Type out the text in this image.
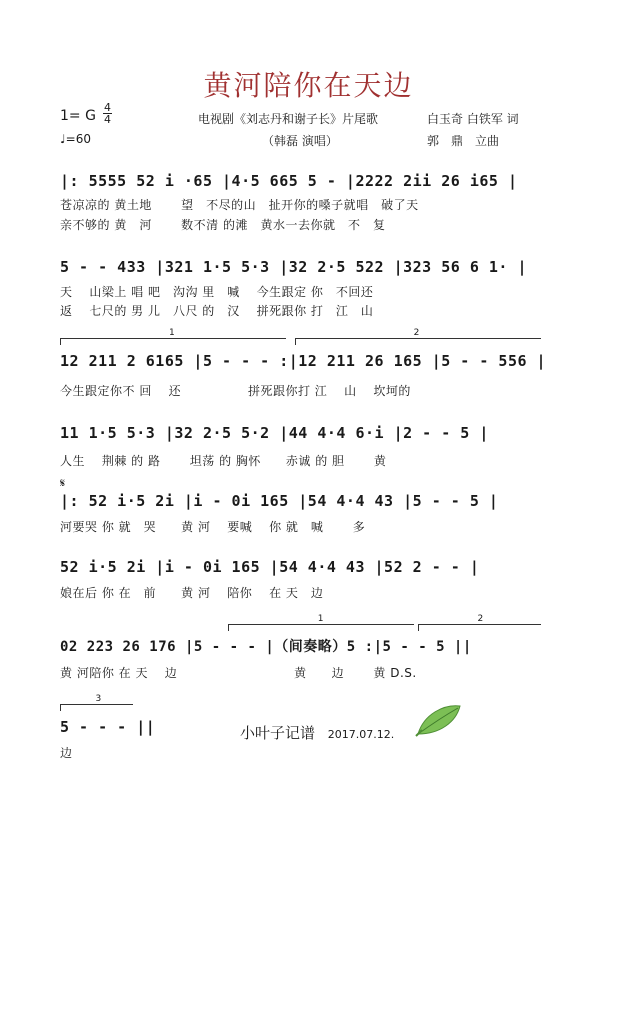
黄河陪你在天边
1= G
4
4
♩=60
电视剧《刘志丹和谢子长》片尾歌
（韩磊 演唱）
白玉奇 白铁军 词
郭　鼎　立曲
|: 5555 52 i ·65 |4·5 665 5 - |2222 2ii 26 i65 |
苍凉凉的 黄土地　　 望　不尽的山　扯开你的嗓子就唱　破了天
亲不够的 黄　河　　 数不清 的滩　黄水一去你就　不　复
5 - - 433 |321 1·5 5·3 |32 2·5 522 |323 56 6 1· |
天　 山梁上 唱 吧　沟沟 里　喊　 今生跟定 你　不回还
返　 七尺的 男 儿　八尺 的　汉　 拼死跟你 打　江　山
1	2
12 211 2 6165 |5 - - - :|12 211 26 165 |5 - - 556 |
今生跟定你不 回　 还　　　　　 拼死跟你打 江　 山　 坎坷的
11 1·5 5·3 |32 2·5 5·2 |44 4·4 6·i |2 - - 5 |
人生　 荆棘 的 路　　 坦荡 的 胸怀　　赤诚 的 胆　　 黄
𝄋
|: 52 i·5 2i |i - 0i 165 |54 4·4 43 |5 - - 5 |
河要哭 你 就　哭　　黄 河　 要喊　 你 就　喊　　 多
52 i·5 2i |i - 0i 165 |54 4·4 43 |52 2 - - |
娘在后 你 在　前　　黄 河　 陪你　 在 天　边
1	2
02 223 26 176 |5 - - - |（间奏略）5 :|5 - - 5 ||
黄 河陪你 在 天　 边　　　　　　　　　 黄　　边　　 黄 D.S.
3
5 - - - ||
边
小叶子记谱 2017.07.12.
